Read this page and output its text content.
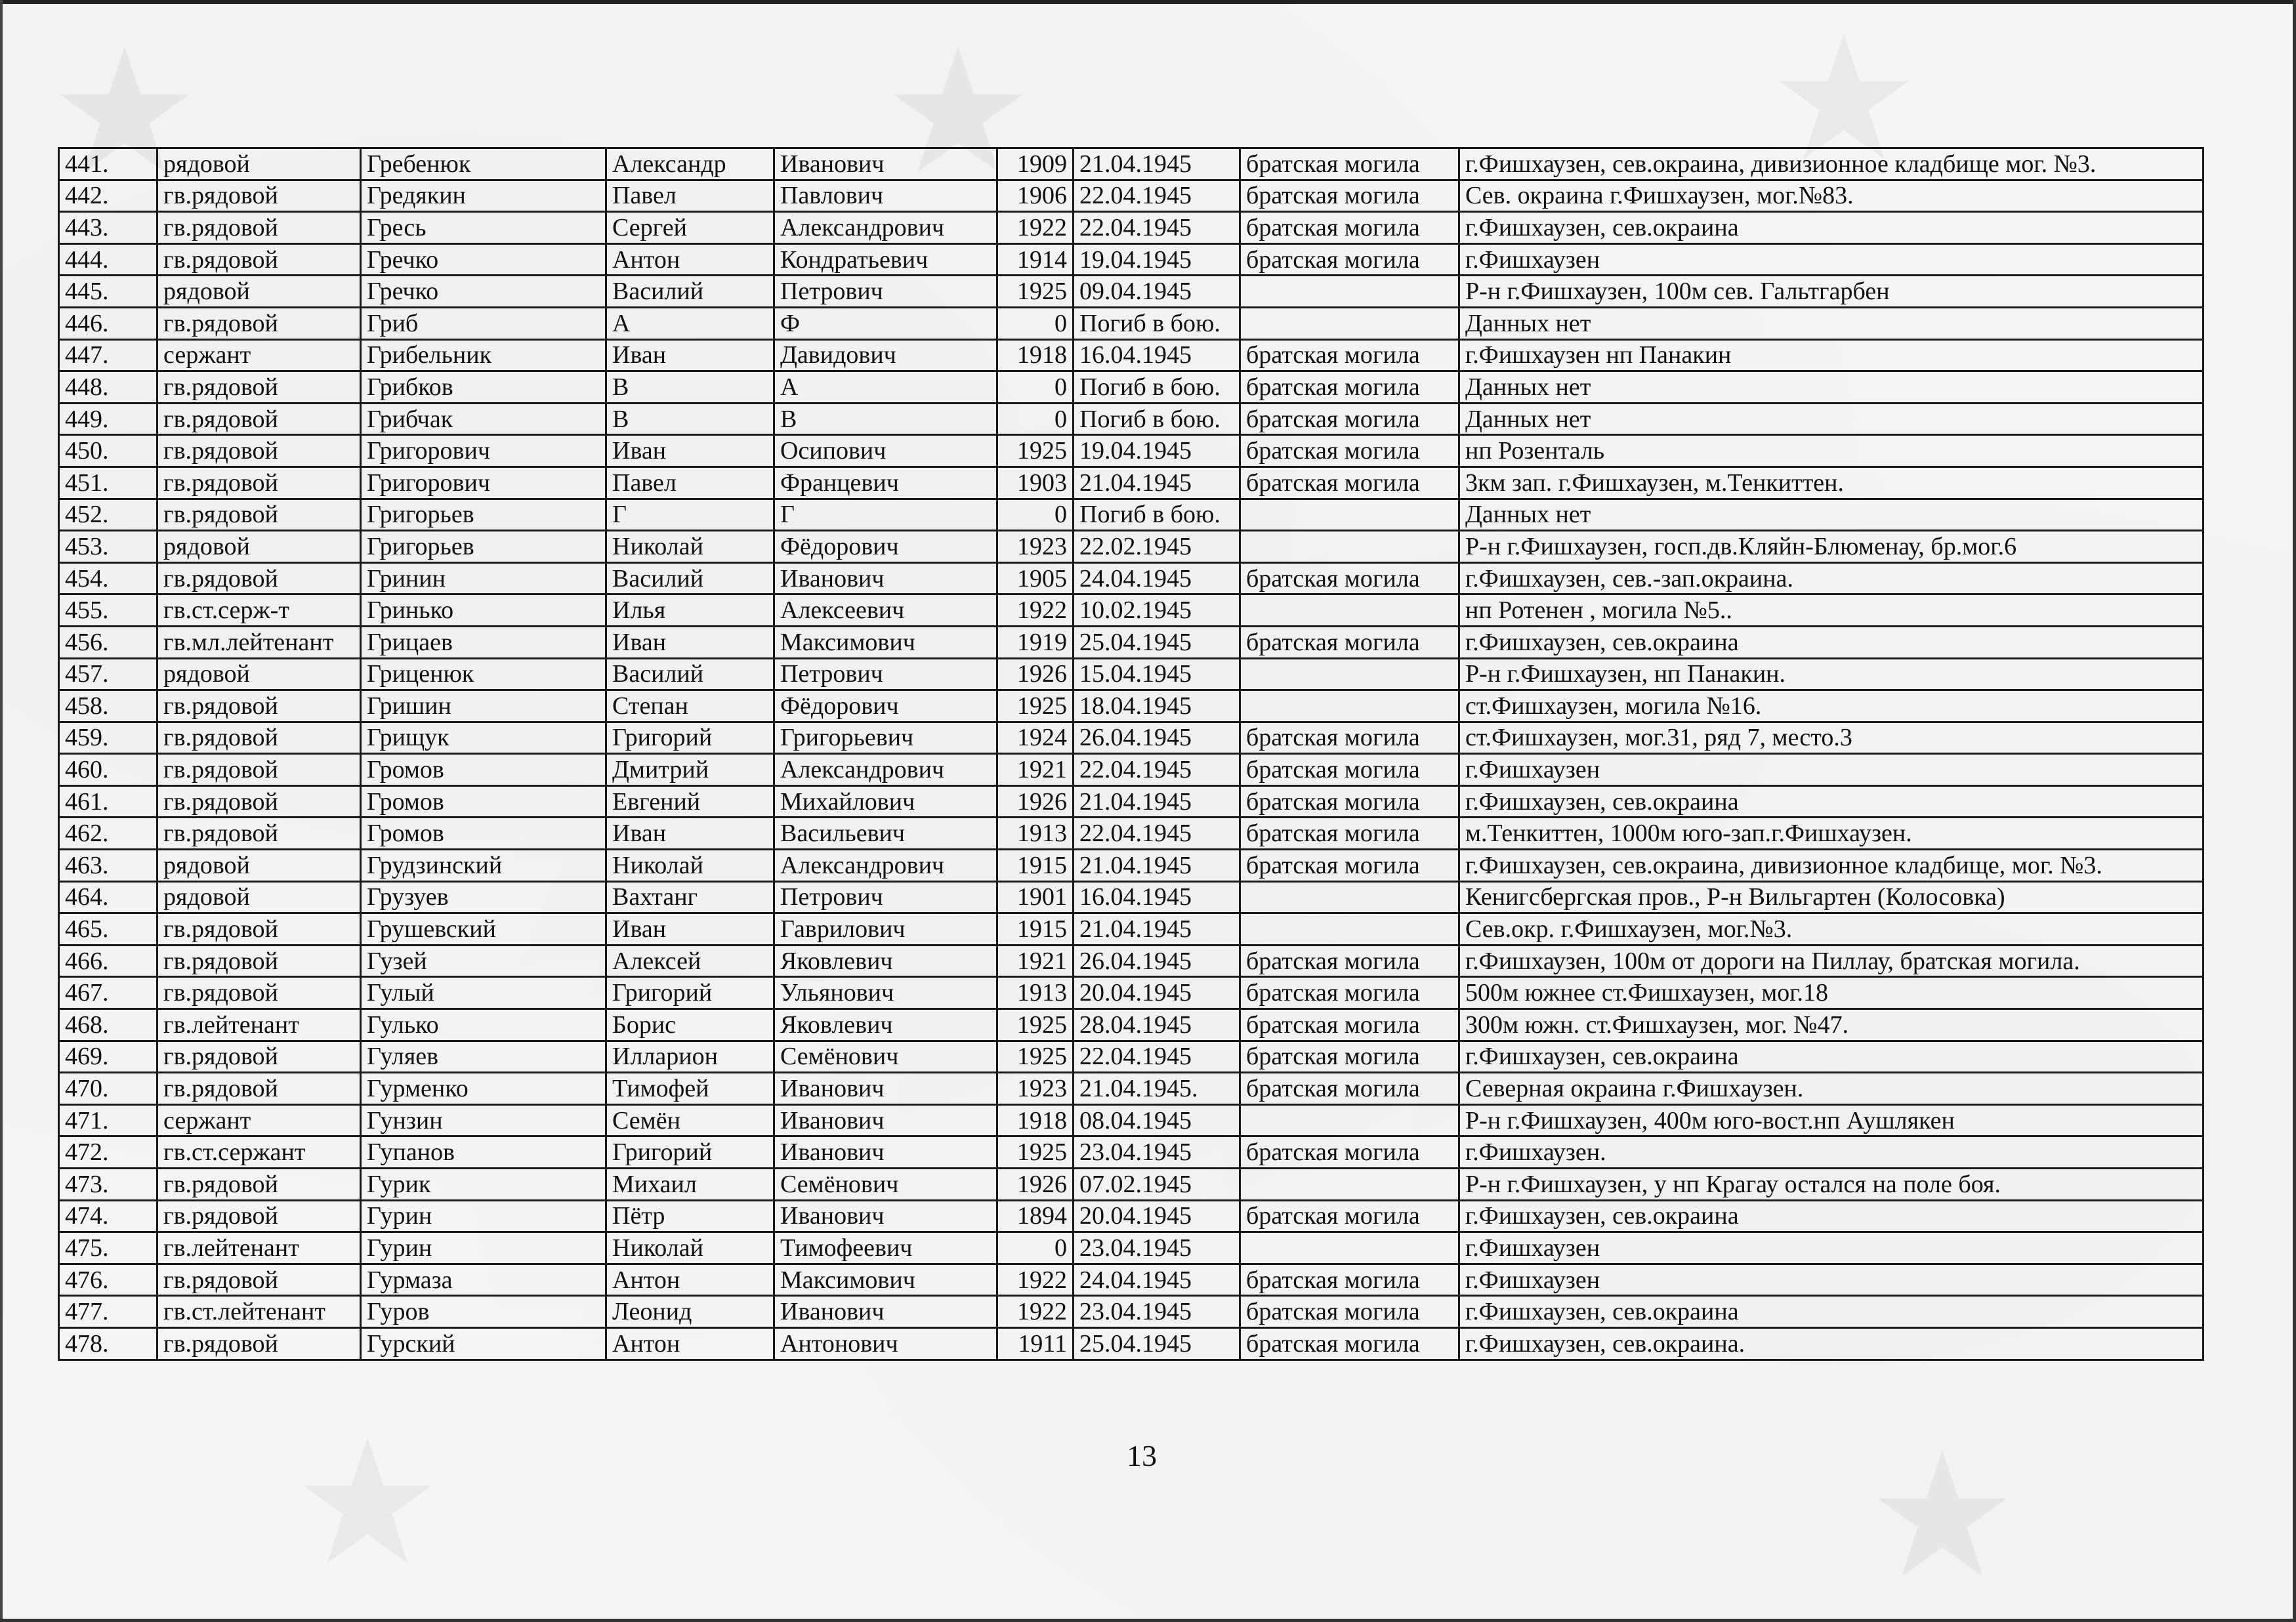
441.	рядовой	Гребенюк	Александр	Иванович	1909	21.04.1945	братская могила	г.Фишхаузен, сев.окраина, дивизионное кладбище мог. №3.
442.	гв.рядовой	Гредякин	Павел	Павлович	1906	22.04.1945	братская могила	Сев. окраина г.Фишхаузен, мог.№83.
443.	гв.рядовой	Гресь	Сергей	Александрович	1922	22.04.1945	братская могила	г.Фишхаузен, сев.окраина
444.	гв.рядовой	Гречко	Антон	Кондратьевич	1914	19.04.1945	братская могила	г.Фишхаузен
445.	рядовой	Гречко	Василий	Петрович	1925	09.04.1945		Р-н г.Фишхаузен, 100м сев. Гальтгарбен
446.	гв.рядовой	Гриб	А	Ф	0	Погиб в бою.		Данных нет
447.	сержант	Грибельник	Иван	Давидович	1918	16.04.1945	братская могила	г.Фишхаузен нп Панакин
448.	гв.рядовой	Грибков	В	А	0	Погиб в бою.	братская могила	Данных нет
449.	гв.рядовой	Грибчак	В	В	0	Погиб в бою.	братская могила	Данных нет
450.	гв.рядовой	Григорович	Иван	Осипович	1925	19.04.1945	братская могила	нп Розенталь
451.	гв.рядовой	Григорович	Павел	Францевич	1903	21.04.1945	братская могила	3км зап. г.Фишхаузен, м.Тенкиттен.
452.	гв.рядовой	Григорьев	Г	Г	0	Погиб в бою.		Данных нет
453.	рядовой	Григорьев	Николай	Фёдорович	1923	22.02.1945		Р-н г.Фишхаузен, госп.дв.Кляйн-Блюменау, бр.мог.6
454.	гв.рядовой	Гринин	Василий	Иванович	1905	24.04.1945	братская могила	г.Фишхаузен, сев.-зап.окраина.
455.	гв.ст.серж-т	Гринько	Илья	Алексеевич	1922	10.02.1945		нп Ротенен , могила №5..
456.	гв.мл.лейтенант	Грицаев	Иван	Максимович	1919	25.04.1945	братская могила	г.Фишхаузен, сев.окраина
457.	рядовой	Гриценюк	Василий	Петрович	1926	15.04.1945		Р-н г.Фишхаузен, нп Панакин.
458.	гв.рядовой	Гришин	Степан	Фёдорович	1925	18.04.1945		ст.Фишхаузен, могила №16.
459.	гв.рядовой	Грищук	Григорий	Григорьевич	1924	26.04.1945	братская могила	ст.Фишхаузен, мог.31, ряд 7, место.3
460.	гв.рядовой	Громов	Дмитрий	Александрович	1921	22.04.1945	братская могила	г.Фишхаузен
461.	гв.рядовой	Громов	Евгений	Михайлович	1926	21.04.1945	братская могила	г.Фишхаузен, сев.окраина
462.	гв.рядовой	Громов	Иван	Васильевич	1913	22.04.1945	братская могила	м.Тенкиттен, 1000м юго-зап.г.Фишхаузен.
463.	рядовой	Грудзинский	Николай	Александрович	1915	21.04.1945	братская могила	г.Фишхаузен, сев.окраина, дивизионное кладбище, мог. №3.
464.	рядовой	Грузуев	Вахтанг	Петрович	1901	16.04.1945		Кенигсбергская пров., Р-н Вильгартен (Колосовка)
465.	гв.рядовой	Грушевский	Иван	Гаврилович	1915	21.04.1945		Сев.окр. г.Фишхаузен, мог.№3.
466.	гв.рядовой	Гузей	Алексей	Яковлевич	1921	26.04.1945	братская могила	г.Фишхаузен, 100м от дороги на Пиллау, братская могила.
467.	гв.рядовой	Гулый	Григорий	Ульянович	1913	20.04.1945	братская могила	500м южнее ст.Фишхаузен, мог.18
468.	гв.лейтенант	Гулько	Борис	Яковлевич	1925	28.04.1945	братская могила	300м южн. ст.Фишхаузен, мог. №47.
469.	гв.рядовой	Гуляев	Илларион	Семёнович	1925	22.04.1945	братская могила	г.Фишхаузен, сев.окраина
470.	гв.рядовой	Гурменко	Тимофей	Иванович	1923	21.04.1945.	братская могила	Северная окраина г.Фишхаузен.
471.	сержант	Гунзин	Семён	Иванович	1918	08.04.1945		Р-н г.Фишхаузен, 400м юго-вост.нп Аушлякен
472.	гв.ст.сержант	Гупанов	Григорий	Иванович	1925	23.04.1945	братская могила	г.Фишхаузен.
473.	гв.рядовой	Гурик	Михаил	Семёнович	1926	07.02.1945		Р-н г.Фишхаузен, у нп Крагау остался на поле боя.
474.	гв.рядовой	Гурин	Пётр	Иванович	1894	20.04.1945	братская могила	г.Фишхаузен, сев.окраина
475.	гв.лейтенант	Гурин	Николай	Тимофеевич	0	23.04.1945		г.Фишхаузен
476.	гв.рядовой	Гурмаза	Антон	Максимович	1922	24.04.1945	братская могила	г.Фишхаузен
477.	гв.ст.лейтенант	Гуров	Леонид	Иванович	1922	23.04.1945	братская могила	г.Фишхаузен, сев.окраина
478.	гв.рядовой	Гурский	Антон	Антонович	1911	25.04.1945	братская могила	г.Фишхаузен, сев.окраина.
13
